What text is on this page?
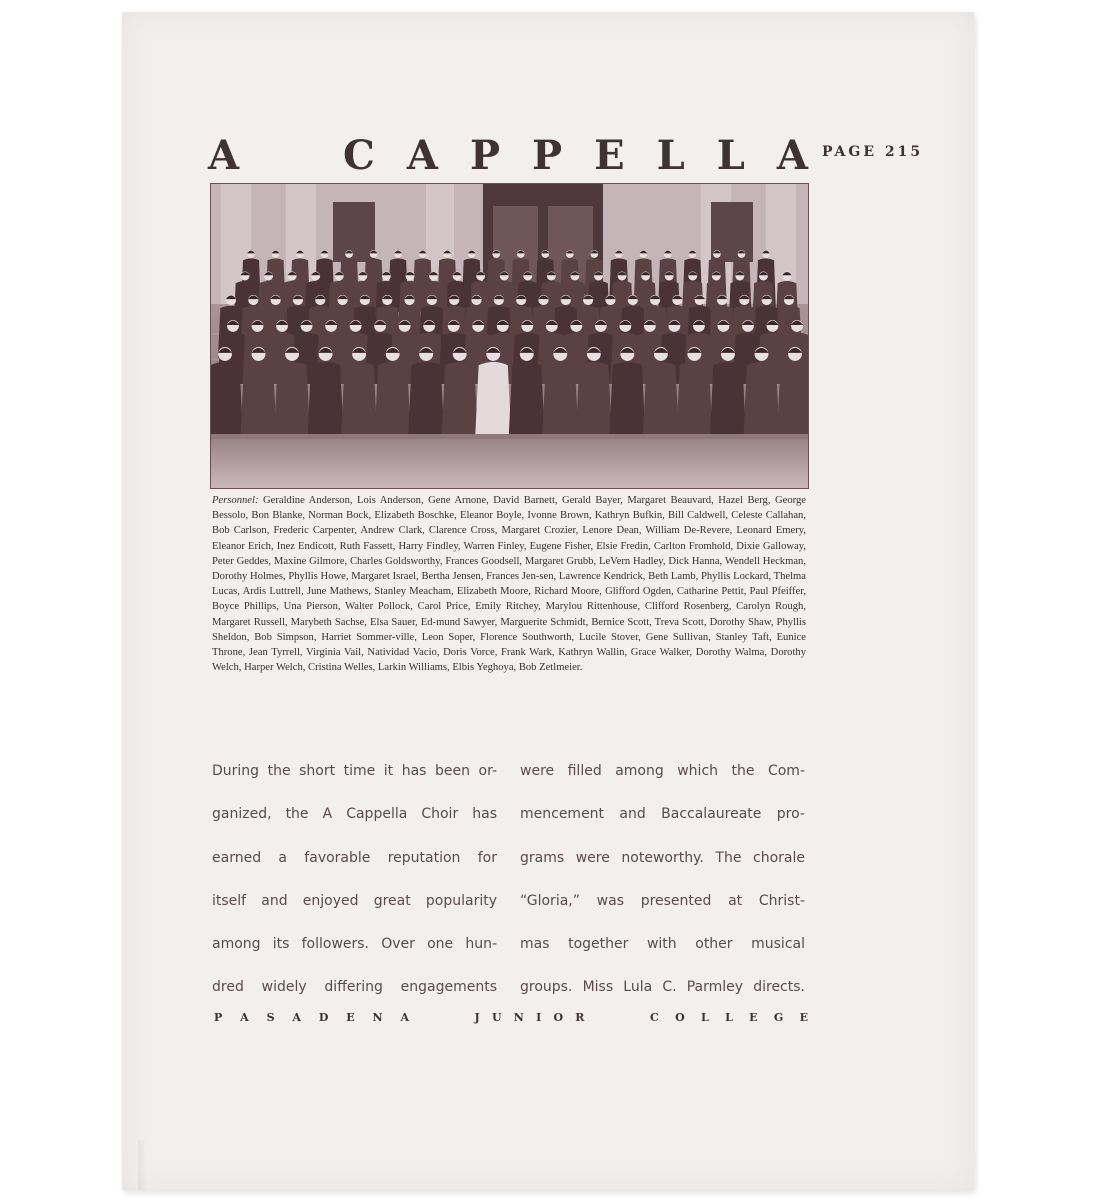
A	C A P P E L L A PAGE 215
Personnel: Geraldine Anderson, Lois Anderson, Gene Arnone, David Barnett, Gerald Bayer, Margaret Beauvard, Hazel Berg, George Bessolo, Bon Blanke, Norman Bock, Elizabeth Boschke, Eleanor Boyle, Ivonne Brown, Kathryn Bufkin, Bill Caldwell, Celeste Callahan, Bob Carlson, Frederic Carpenter, Andrew Clark, Clarence Cross, Margaret Crozier, Lenore Dean, William De-Revere, Leonard Emery, Eleanor Erich, Inez Endicott, Ruth Fassett, Harry Findley, Warren Finley, Eugene Fisher, Elsie Fredin, Carlton Fromhold, Dixie Galloway, Peter Geddes, Maxine Gilmore, Charles Goldsworthy, Frances Goodsell, Margaret Grubb, LeVern Hadley, Dick Hanna, Wendell Heckman, Dorothy Holmes, Phyllis Howe, Margaret Israel, Bertha Jensen, Frances Jen-sen, Lawrence Kendrick, Beth Lamb, Phyllis Lockard, Thelma Lucas, Ardis Luttrell, June Mathews, Stanley Meacham, Elizabeth Moore, Richard Moore, Glifford Ogden, Catharine Pettit, Paul Pfeiffer, Boyce Phillips, Una Pierson, Walter Pollock, Carol Price, Emily Ritchey, Marylou Rittenhouse, Clifford Rosenberg, Carolyn Rough, Margaret Russell, Marybeth Sachse, Elsa Sauer, Ed-mund Sawyer, Marguerite Schmidt, Bernice Scott, Treva Scott, Dorothy Shaw, Phyllis Sheldon, Bob Simpson, Harriet Sommer-ville, Leon Soper, Florence Southworth, Lucile Stover, Gene Sullivan, Stanley Taft, Eunice Throne, Jean Tyrrell, Virginia Vail, Natividad Vacio, Doris Vorce, Frank Wark, Kathryn Wallin, Grace Walker, Dorothy Walma, Dorothy Welch, Harper Welch, Cristina Welles, Larkin Williams, Elbis Yeghoya, Bob Zetlmeier.
During the short time it has been or-
ganized, the A Cappella Choir has
earned a favorable reputation for
itself and enjoyed great popularity
among its followers. Over one hun-
dred widely differing engagements
were filled among which the Com-
mencement and Baccalaureate pro-
grams were noteworthy. The chorale
“Gloria,” was presented at Christ-
mas together with other musical
groups. Miss Lula C. Parmley directs.
P A S A D E N A	J U N I O R	C O L L E G E
